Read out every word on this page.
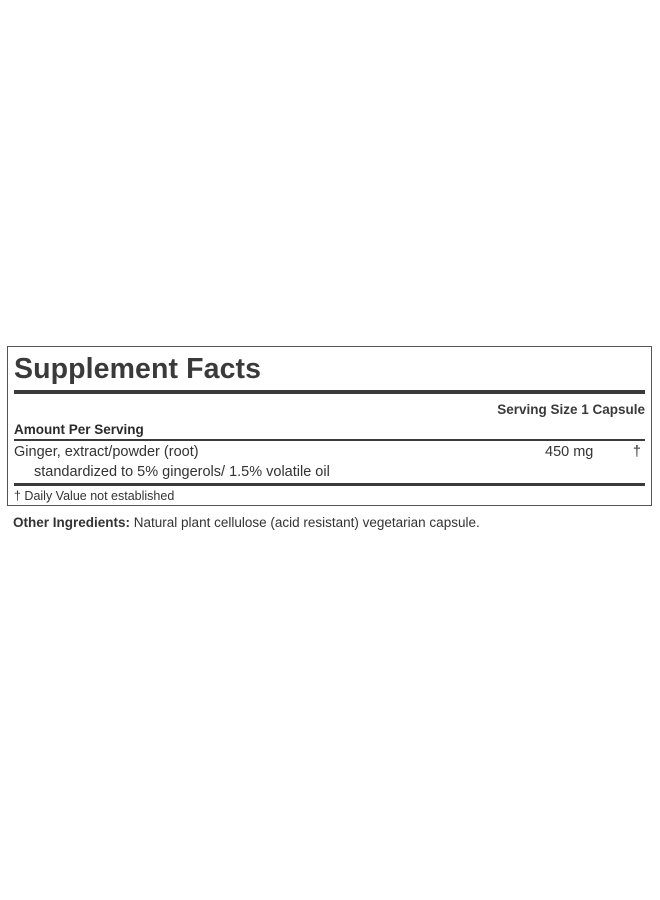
Supplement Facts
Serving Size 1 Capsule
Amount Per Serving
Ginger, extract/powder (root)	450 mg	†
standardized to 5% gingerols/ 1.5% volatile oil
† Daily Value not established
Other Ingredients: Natural plant cellulose (acid resistant) vegetarian capsule.
